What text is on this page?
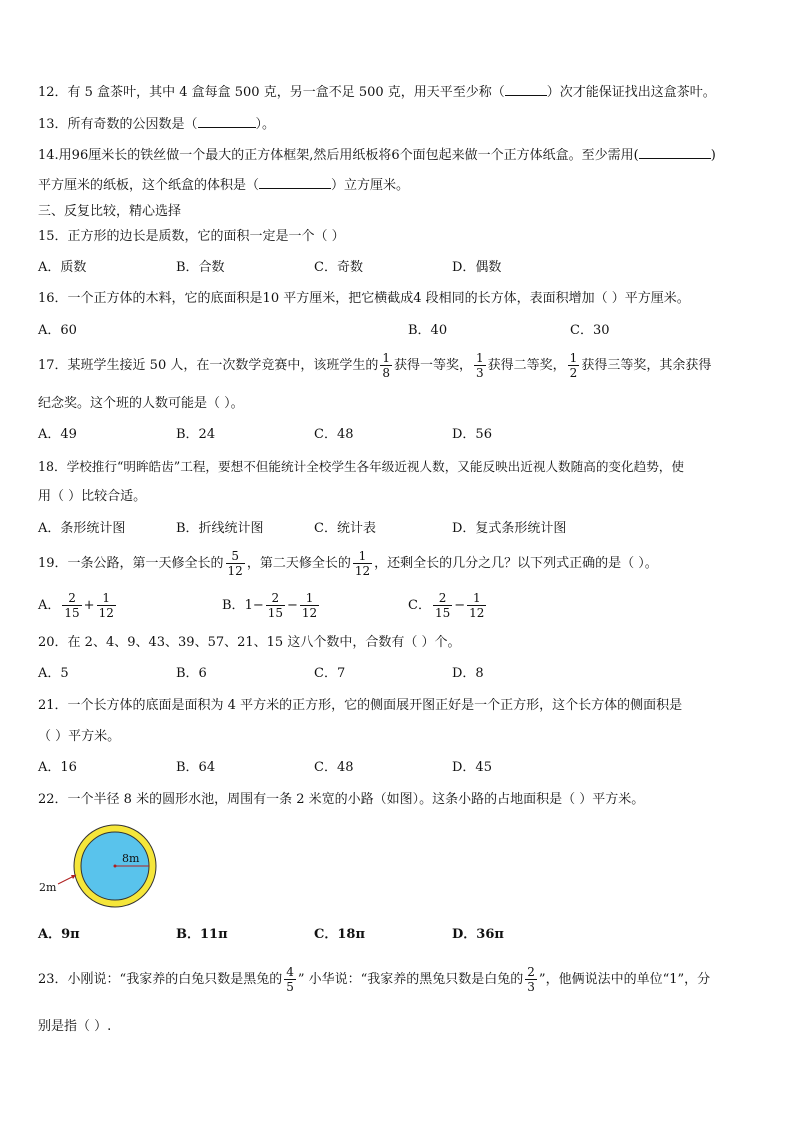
12．有 5 盒茶叶，其中 4 盒每盒 500 克，另一盒不足 500 克，用天平至少称（	）次才能保证找出这盒茶叶。
13．所有奇数的公因数是（	）。
14.用96厘米长的铁丝做一个最大的正方体框架,然后用纸板将6个面包起来做一个正方体纸盒。至少需用(	)
平方厘米的纸板，这个纸盒的体积是（	）立方厘米。
三、反复比较，精心选择
15．正方形的边长是质数，它的面积一定是一个（ ）
A．质数	B．合数	C．奇数	D．偶数
16．一个正方体的木料，它的底面积是10 平方厘米，把它横截成4 段相同的长方体，表面积增加（ ）平方厘米。
A．60	B．40	C．30
17．某班学生接近 50 人，在一次数学竞赛中，该班学生的 $\frac{1}{8}$ 获得一等奖， $\frac{1}{3}$ 获得二等奖， $\frac{1}{2}$ 获得三等奖，其余获得
纪念奖。这个班的人数可能是（ ）。
A．49	B．24	C．48	D．56
18．学校推行“明眸皓齿”工程，要想不但能统计全校学生各年级近视人数，又能反映出近视人数随高的变化趋势，使
用（ ）比较合适。
A．条形统计图	B．折线统计图	C．统计表	D．复式条形统计图
19．一条公路，第一天修全长的 $\frac{5}{12}$ ，第二天修全长的 $\frac{1}{12}$ ，还剩全长的几分之几？以下列式正确的是（ ）。
A． $\frac{2}{15} + \frac{1}{12}$	B．$1- \frac{2}{15} - \frac{1}{12}$	C． $\frac{2}{15} - \frac{1}{12}$
20．在 2、4、9、43、39、57、21、15 这八个数中，合数有（ ）个。
A．5	B．6	C．7	D．8
21．一个长方体的底面是面积为 4 平方米的正方形，它的侧面展开图正好是一个正方形，这个长方体的侧面积是
（ ）平方米。
A．16	B．64	C．48	D．45
22．一个半径 8 米的圆形水池，周围有一条 2 米宽的小路（如图）。这条小路的占地面积是（ ）平方米。
8m
2m
A．9π	B．11π	C．18π	D．36π
23．小刚说：“我家养的白兔只数是黑兔的 $\frac{4}{5}$ ” 小华说：“我家养的黑兔只数是白兔的 $\frac{2}{3}$ ”，他俩说法中的单位“1”，分
别是指（ ）.
